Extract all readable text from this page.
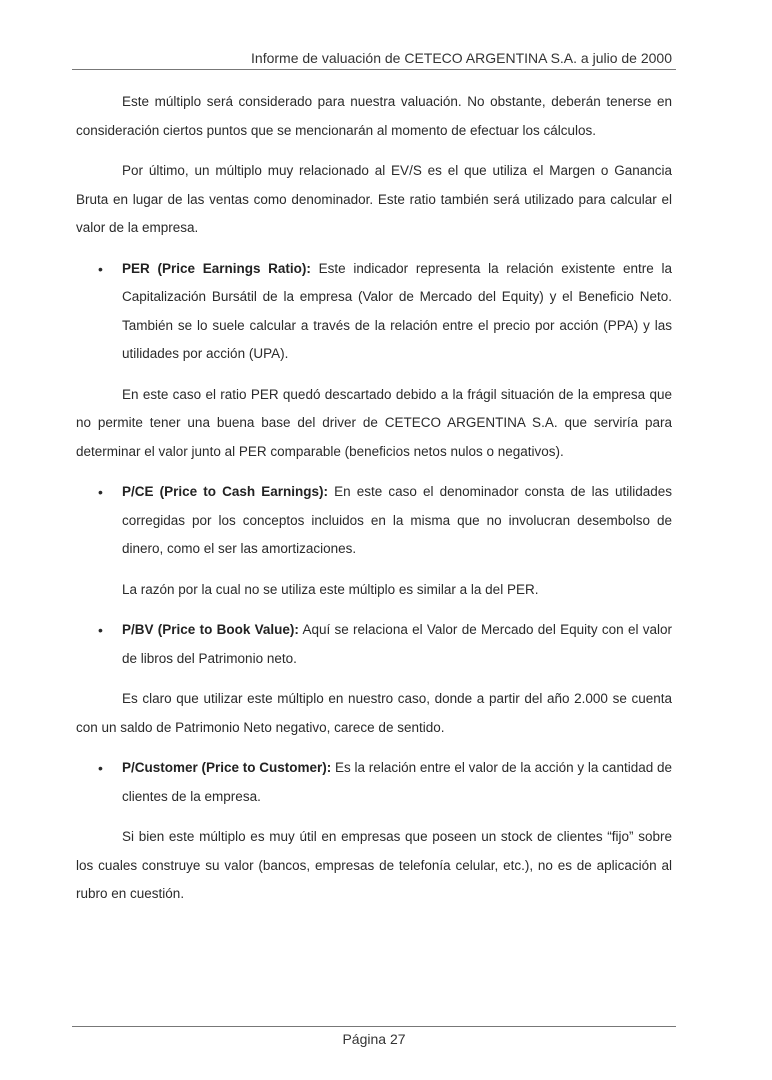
Informe de valuación de CETECO ARGENTINA S.A. a julio de 2000

Este múltiplo será considerado para nuestra valuación. No obstante, deberán tenerse en consideración ciertos puntos que se mencionarán al momento de efectuar los cálculos.

Por último, un múltiplo muy relacionado al EV/S es el que utiliza el Margen o Ganancia Bruta en lugar de las ventas como denominador. Este ratio también será utilizado para calcular el valor de la empresa.

• PER (Price Earnings Ratio): Este indicador representa la relación existente entre la Capitalización Bursátil de la empresa (Valor de Mercado del Equity) y el Beneficio Neto. También se lo suele calcular a través de la relación entre el precio por acción (PPA) y las utilidades por acción (UPA).

En este caso el ratio PER quedó descartado debido a la frágil situación de la empresa que no permite tener una buena base del driver de CETECO ARGENTINA S.A. que serviría para determinar el valor junto al PER comparable (beneficios netos nulos o negativos).

• P/CE (Price to Cash Earnings): En este caso el denominador consta de las utilidades corregidas por los conceptos incluidos en la misma que no involucran desembolso de dinero, como el ser las amortizaciones.

La razón por la cual no se utiliza este múltiplo es similar a la del PER.

• P/BV (Price to Book Value): Aquí se relaciona el Valor de Mercado del Equity con el valor de libros del Patrimonio neto.

Es claro que utilizar este múltiplo en nuestro caso, donde a partir del año 2.000 se cuenta con un saldo de Patrimonio Neto negativo, carece de sentido.

• P/Customer (Price to Customer): Es la relación entre el valor de la acción y la cantidad de clientes de la empresa.

Si bien este múltiplo es muy útil en empresas que poseen un stock de clientes “fijo” sobre los cuales construye su valor (bancos, empresas de telefonía celular, etc.), no es de aplicación al rubro en cuestión.

Página 27
